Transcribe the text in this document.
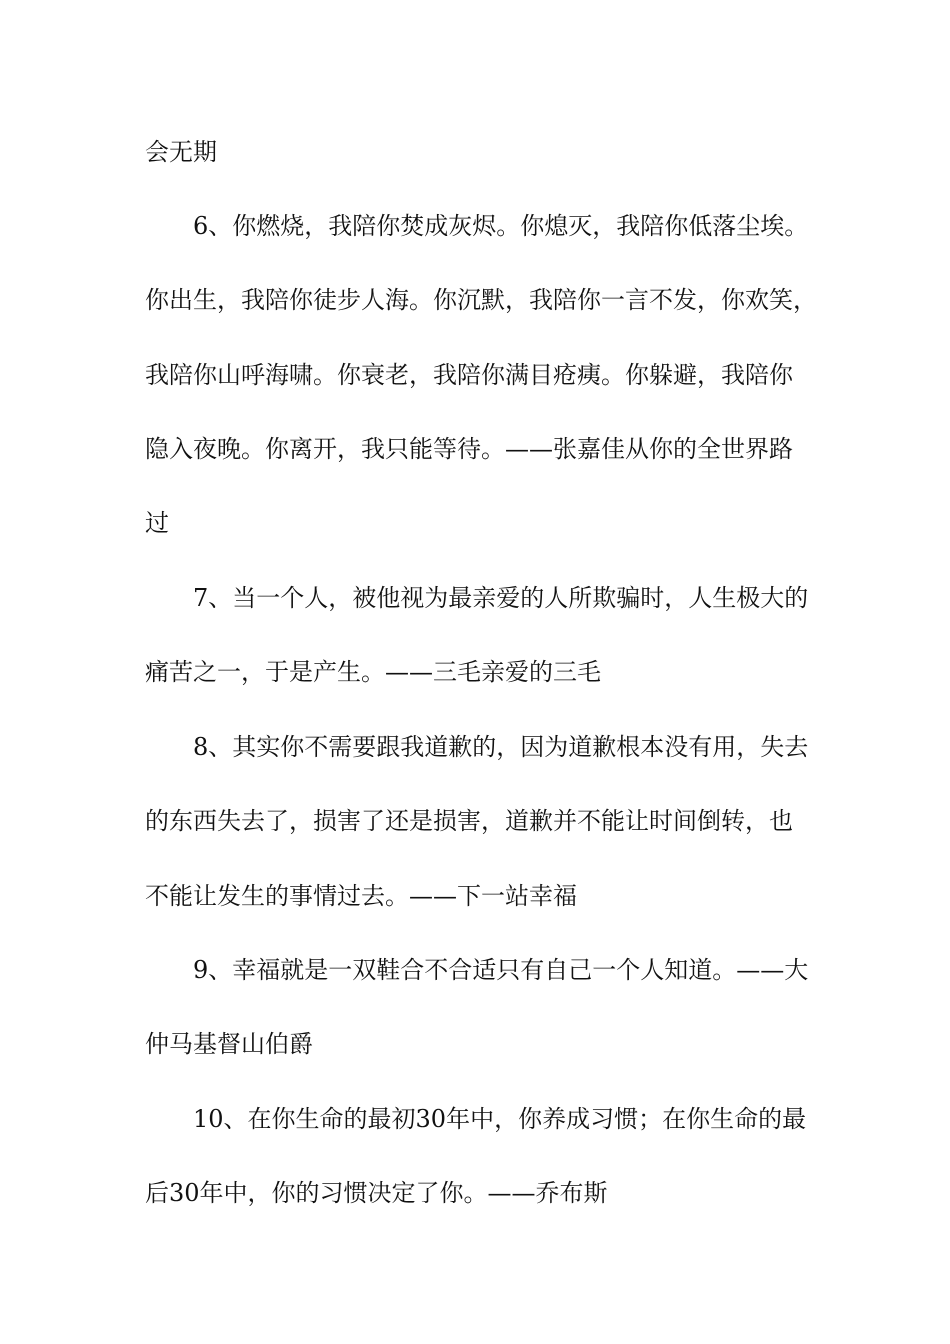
会无期
6、你燃烧，我陪你焚成灰烬。你熄灭，我陪你低落尘埃。
你出生，我陪你徒步人海。你沉默，我陪你一言不发，你欢笑，
我陪你山呼海啸。你衰老，我陪你满目疮痍。你躲避，我陪你
隐入夜晚。你离开，我只能等待。——张嘉佳从你的全世界路
过
7、当一个人，被他视为最亲爱的人所欺骗时，人生极大的
痛苦之一，于是产生。——三毛亲爱的三毛
8、其实你不需要跟我道歉的，因为道歉根本没有用，失去
的东西失去了，损害了还是损害，道歉并不能让时间倒转，也
不能让发生的事情过去。——下一站幸福
9、幸福就是一双鞋合不合适只有自己一个人知道。——大
仲马基督山伯爵
10、在你生命的最初30年中，你养成习惯；在你生命的最
后30年中，你的习惯决定了你。——乔布斯
